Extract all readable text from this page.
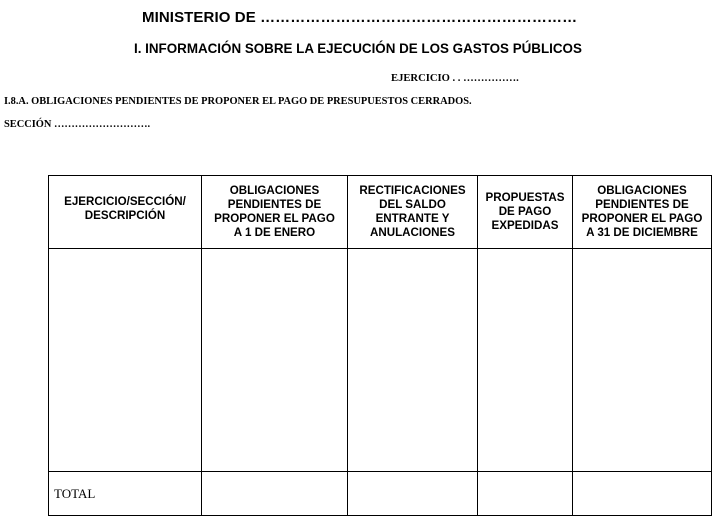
MINISTERIO DE ………………………………………………………
I. INFORMACIÓN SOBRE LA EJECUCIÓN DE LOS GASTOS PÚBLICOS
EJERCICIO . . …………….
I.8.A. OBLIGACIONES PENDIENTES DE PROPONER EL PAGO DE PRESUPUESTOS CERRADOS.
SECCIÓN ……………………….
EJERCICIO/SECCIÓN/
DESCRIPCIÓN	OBLIGACIONES
PENDIENTES DE
PROPONER EL PAGO
A 1 DE ENERO	RECTIFICACIONES
DEL SALDO
ENTRANTE Y
ANULACIONES	PROPUESTAS
DE PAGO
EXPEDIDAS	OBLIGACIONES
PENDIENTES DE
PROPONER EL PAGO
A 31 DE DICIEMBRE

TOTAL				
